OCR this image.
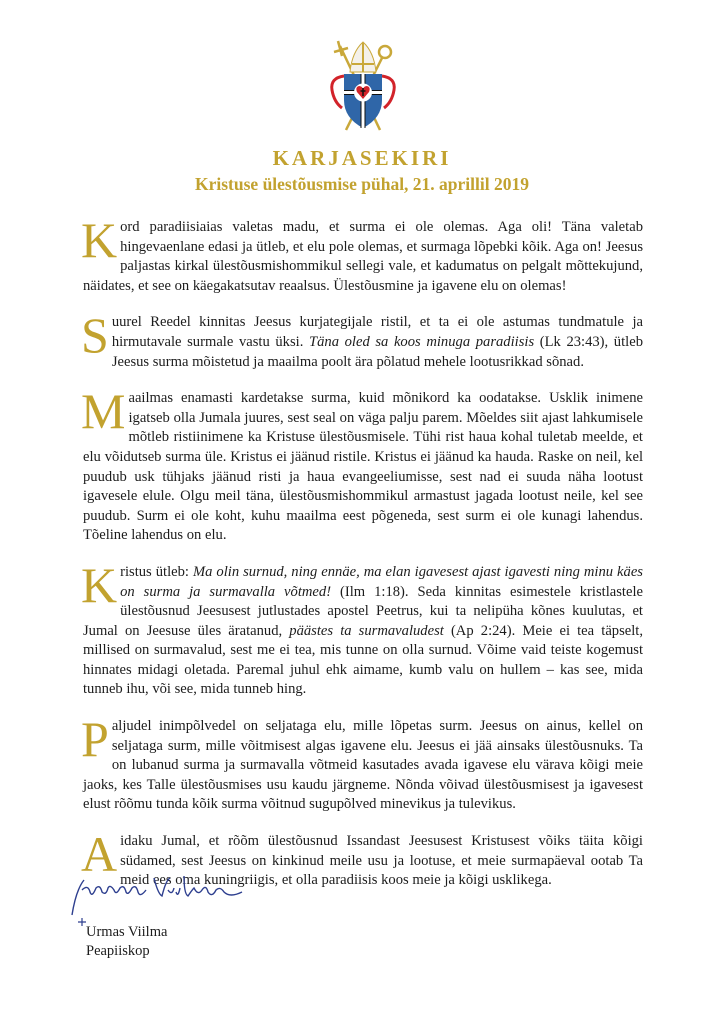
KARJASEKIRI
Kristuse ülestõusmise pühal, 21. aprillil 2019

Kord paradiisiaias valetas madu, et surma ei ole olemas. Aga oli! Täna valetab hingevaenlane edasi ja ütleb, et elu pole olemas, et surmaga lõpebki kõik. Aga on! Jeesus paljastas kirkal ülestõusmishommikul sellegi vale, et kadumatus on pelgalt mõttekujund, näidates, et see on käegakatsutav reaalsus. Ülestõusmine ja igavene elu on olemas!

Suurel Reedel kinnitas Jeesus kurjategijale ristil, et ta ei ole astumas tundmatule ja hirmutavale surmale vastu üksi. Täna oled sa koos minuga paradiisis (Lk 23:43), ütleb Jeesus surma mõistetud ja maailma poolt ära põlatud mehele lootusrikkad sõnad.

Maailmas enamasti kardetakse surma, kuid mõnikord ka oodatakse. Usklik inimene igatseb olla Jumala juures, sest seal on väga palju parem. Mõeldes siit ajast lahkumisele mõtleb ristiinimene ka Kristuse ülestõusmisele. Tühi rist haua kohal tuletab meelde, et elu võidutseb surma üle. Kristus ei jäänud ristile. Kristus ei jäänud ka hauda. Raske on neil, kel puudub usk tühjaks jäänud risti ja haua evangeeliumisse, sest nad ei suuda näha lootust igavesele elule. Olgu meil täna, ülestõusmishommikul armastust jagada lootust neile, kel see puudub. Surm ei ole koht, kuhu maailma eest põgeneda, sest surm ei ole kunagi lahendus. Tõeline lahendus on elu.

Kristus ütleb: Ma olin surnud, ning ennäe, ma elan igavesest ajast igavesti ning minu käes on surma ja surmavalla võtmed! (Ilm 1:18). Seda kinnitas esimestele kristlastele ülestõusnud Jeesusest jutlustades apostel Peetrus, kui ta nelipüha kõnes kuulutas, et Jumal on Jeesuse üles äratanud, päästes ta surmavaludest (Ap 2:24). Meie ei tea täpselt, millised on surmavalud, sest me ei tea, mis tunne on olla surnud. Võime vaid teiste kogemust hinnates midagi oletada. Paremal juhul ehk aimame, kumb valu on hullem – kas see, mida tunneb ihu, või see, mida tunneb hing.

Paljudel inimpõlvedel on seljataga elu, mille lõpetas surm. Jeesus on ainus, kellel on seljataga surm, mille võitmisest algas igavene elu. Jeesus ei jää ainsaks ülestõusnuks. Ta on lubanud surma ja surmavalla võtmeid kasutades avada igavese elu värava kõigi meie jaoks, kes Talle ülestõusmises usu kaudu järgneme. Nõnda võivad ülestõusmisest ja igavesest elust rõõmu tunda kõik surma võitnud sugupõlved minevikus ja tulevikus.

Aidaku Jumal, et rõõm ülestõusnud Issandast Jeesusest Kristusest võiks täita kõigi südamed, sest Jeesus on kinkinud meile usu ja lootuse, et meie surmapäeval ootab Ta meid ees oma kuningriigis, et olla paradiisis koos meie ja kõigi usklikega.

Urmas Viilma
Peapiiskop
